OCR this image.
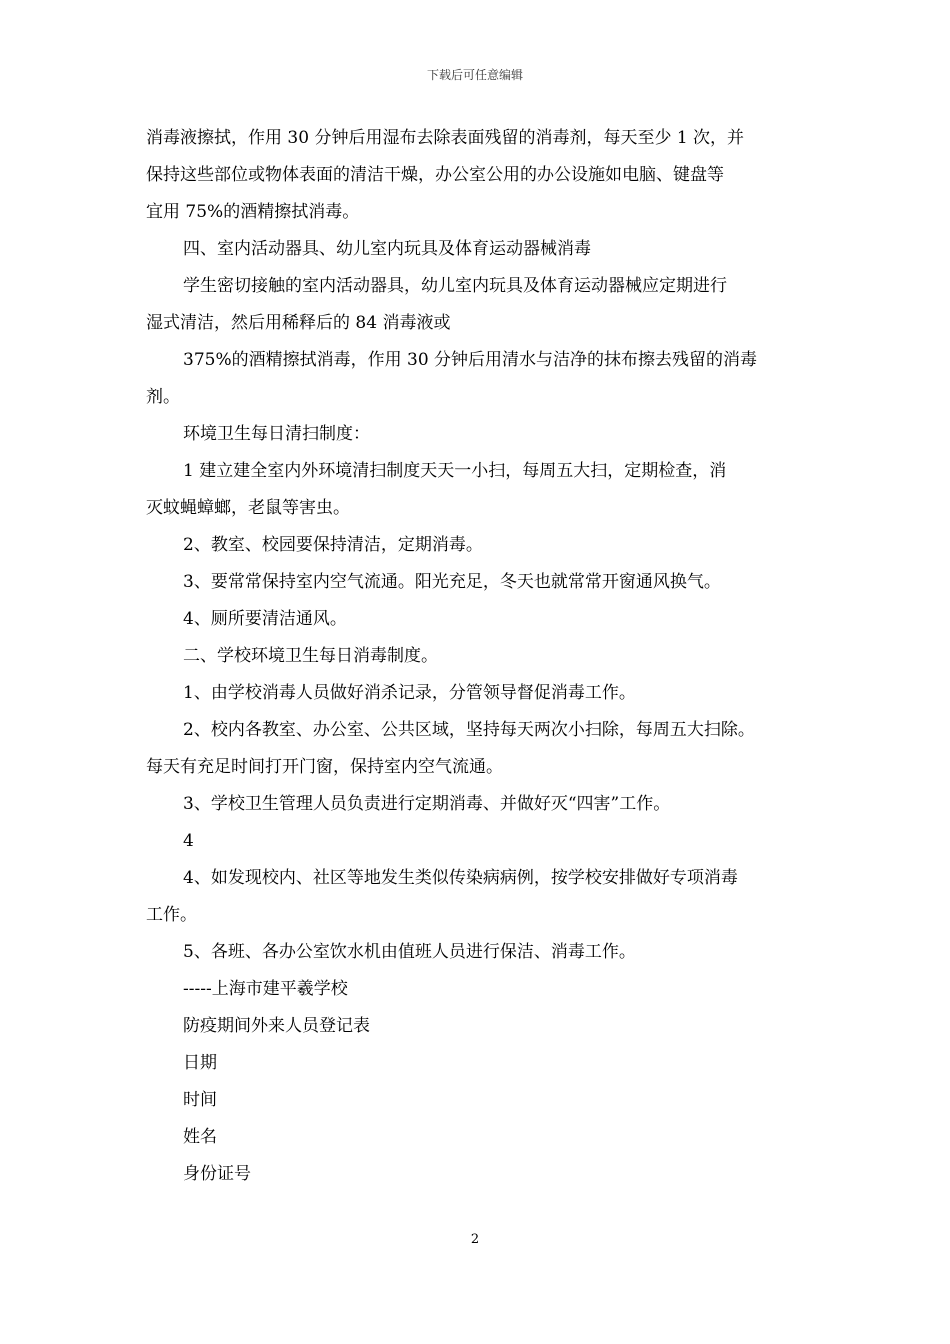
下载后可任意编辑

消毒液擦拭，作用 30 分钟后用湿布去除表面残留的消毒剂，每天至少 1 次，并

保持这些部位或物体表面的清洁干燥，办公室公用的办公设施如电脑、键盘等

宜用 75%的酒精擦拭消毒。

四、室内活动器具、幼儿室内玩具及体育运动器械消毒

学生密切接触的室内活动器具，幼儿室内玩具及体育运动器械应定期进行

湿式清洁，然后用稀释后的 84 消毒液或

375%的酒精擦拭消毒，作用 30 分钟后用清水与洁净的抹布擦去残留的消毒

剂。

环境卫生每日清扫制度：

1 建立建全室内外环境清扫制度天天一小扫，每周五大扫，定期检查，消

灭蚊蝇蟑螂，老鼠等害虫。

2、教室、校园要保持清洁，定期消毒。

3、要常常保持室内空气流通。阳光充足，冬天也就常常开窗通风换气。

4、厕所要清洁通风。

二、学校环境卫生每日消毒制度。

1、由学校消毒人员做好消杀记录，分管领导督促消毒工作。

2、校内各教室、办公室、公共区域，坚持每天两次小扫除，每周五大扫除。

每天有充足时间打开门窗，保持室内空气流通。

3、学校卫生管理人员负责进行定期消毒、并做好灭“四害”工作。

4

4、如发现校内、社区等地发生类似传染病病例，按学校安排做好专项消毒

工作。

5、各班、各办公室饮水机由值班人员进行保洁、消毒工作。

-----上海市建平羲学校

防疫期间外来人员登记表

日期

时间

姓名

身份证号

2
